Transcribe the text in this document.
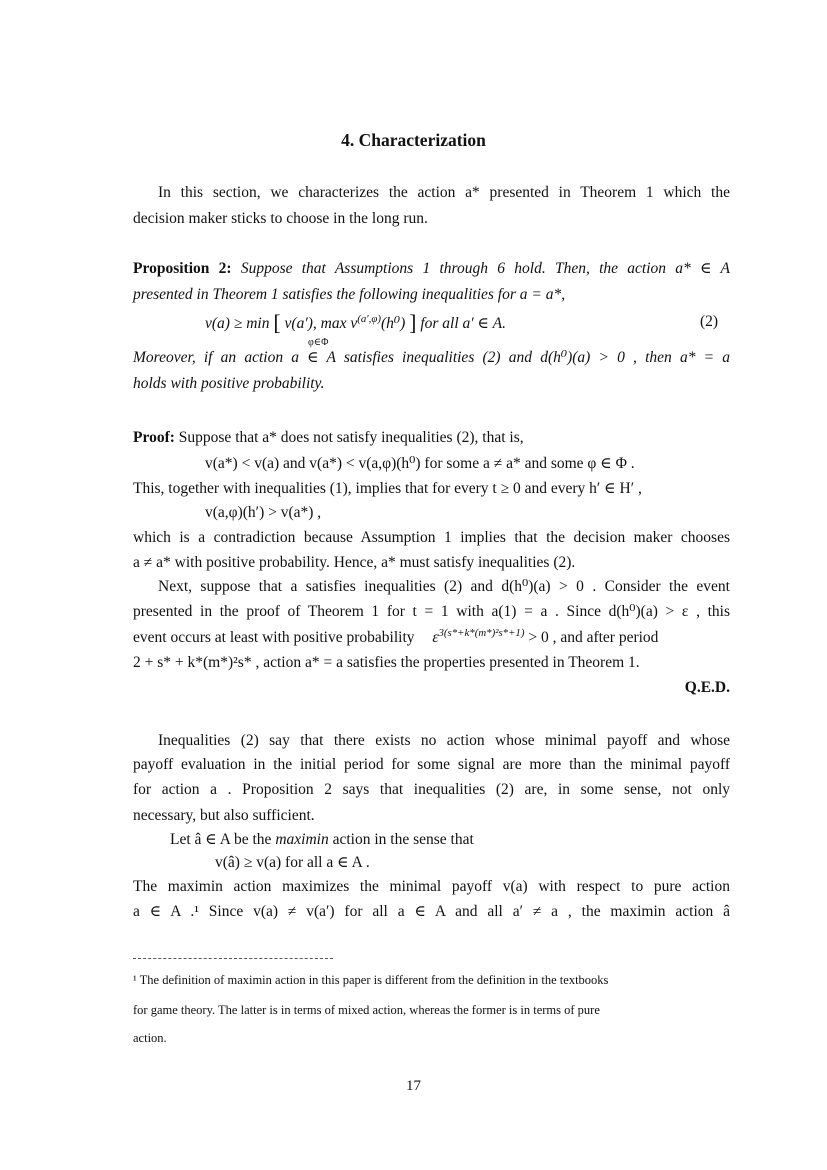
4. Characterization
In this section, we characterizes the action a* presented in Theorem 1 which the
decision maker sticks to choose in the long run.
Proposition 2: Suppose that Assumptions 1 through 6 hold. Then, the action a* ∈ A
presented in Theorem 1 satisfies the following inequalities for a = a*,
v(a) ≥ min [ v(a′), $\max v^{(a',\varphi)}(h^0)$ ] for all a′ ∈ A.
φ∈Φ
(2)
Moreover, if an action a ∈ A satisfies inequalities (2) and d(h⁰)(a) > 0 , then a* = a
holds with positive probability.
Proof: Suppose that a* does not satisfy inequalities (2), that is,
v(a*) < v(a) and v(a*) < v(a,φ)(h⁰) for some a ≠ a* and some φ ∈ Φ .
This, together with inequalities (1), implies that for every t ≥ 0 and every h′ ∈ H′ ,
v(a,φ)(h′) > v(a*) ,
which is a contradiction because Assumption 1 implies that the decision maker chooses
a ≠ a* with positive probability. Hence, a* must satisfy inequalities (2).
Next, suppose that a satisfies inequalities (2) and d(h⁰)(a) > 0 . Consider the event
presented in the proof of Theorem 1 for t = 1 with a(1) = a . Since d(h⁰)(a) > ε , this
event occurs at least with positive probability $\varepsilon^{3(s*+k*(m*)^2s*+1)} > 0$ , and after period
2 + s* + k*(m*)²s* , action a* = a satisfies the properties presented in Theorem 1.
Q.E.D.
Inequalities (2) say that there exists no action whose minimal payoff and whose
payoff evaluation in the initial period for some signal are more than the minimal payoff
for action a . Proposition 2 says that inequalities (2) are, in some sense, not only
necessary, but also sufficient.
Let â ∈ A be the maximin action in the sense that
v(â) ≥ v(a) for all a ∈ A .
The maximin action maximizes the minimal payoff v(a) with respect to pure action
a ∈ A .¹ Since v(a) ≠ v(a′) for all a ∈ A and all a′ ≠ a , the maximin action â
¹ The definition of maximin action in this paper is different from the definition in the textbooks
for game theory. The latter is in terms of mixed action, whereas the former is in terms of pure
action.
17
